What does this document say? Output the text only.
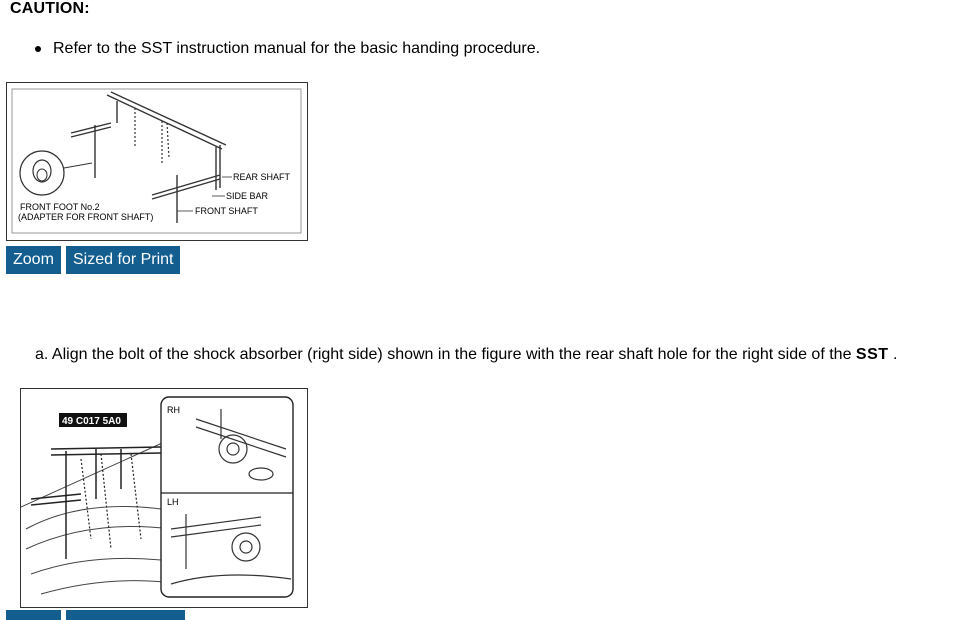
CAUTION:
Refer to the SST instruction manual for the basic handing procedure.
REAR SHAFT
SIDE BAR
FRONT SHAFT
FRONT FOOT No.2
(ADAPTER FOR FRONT SHAFT)
Zoom	Sized for Print
a. Align the bolt of the shock absorber (right side) shown in the figure with the rear shaft hole for the right side of the SST .
49 C017 5A0
RH
LH
